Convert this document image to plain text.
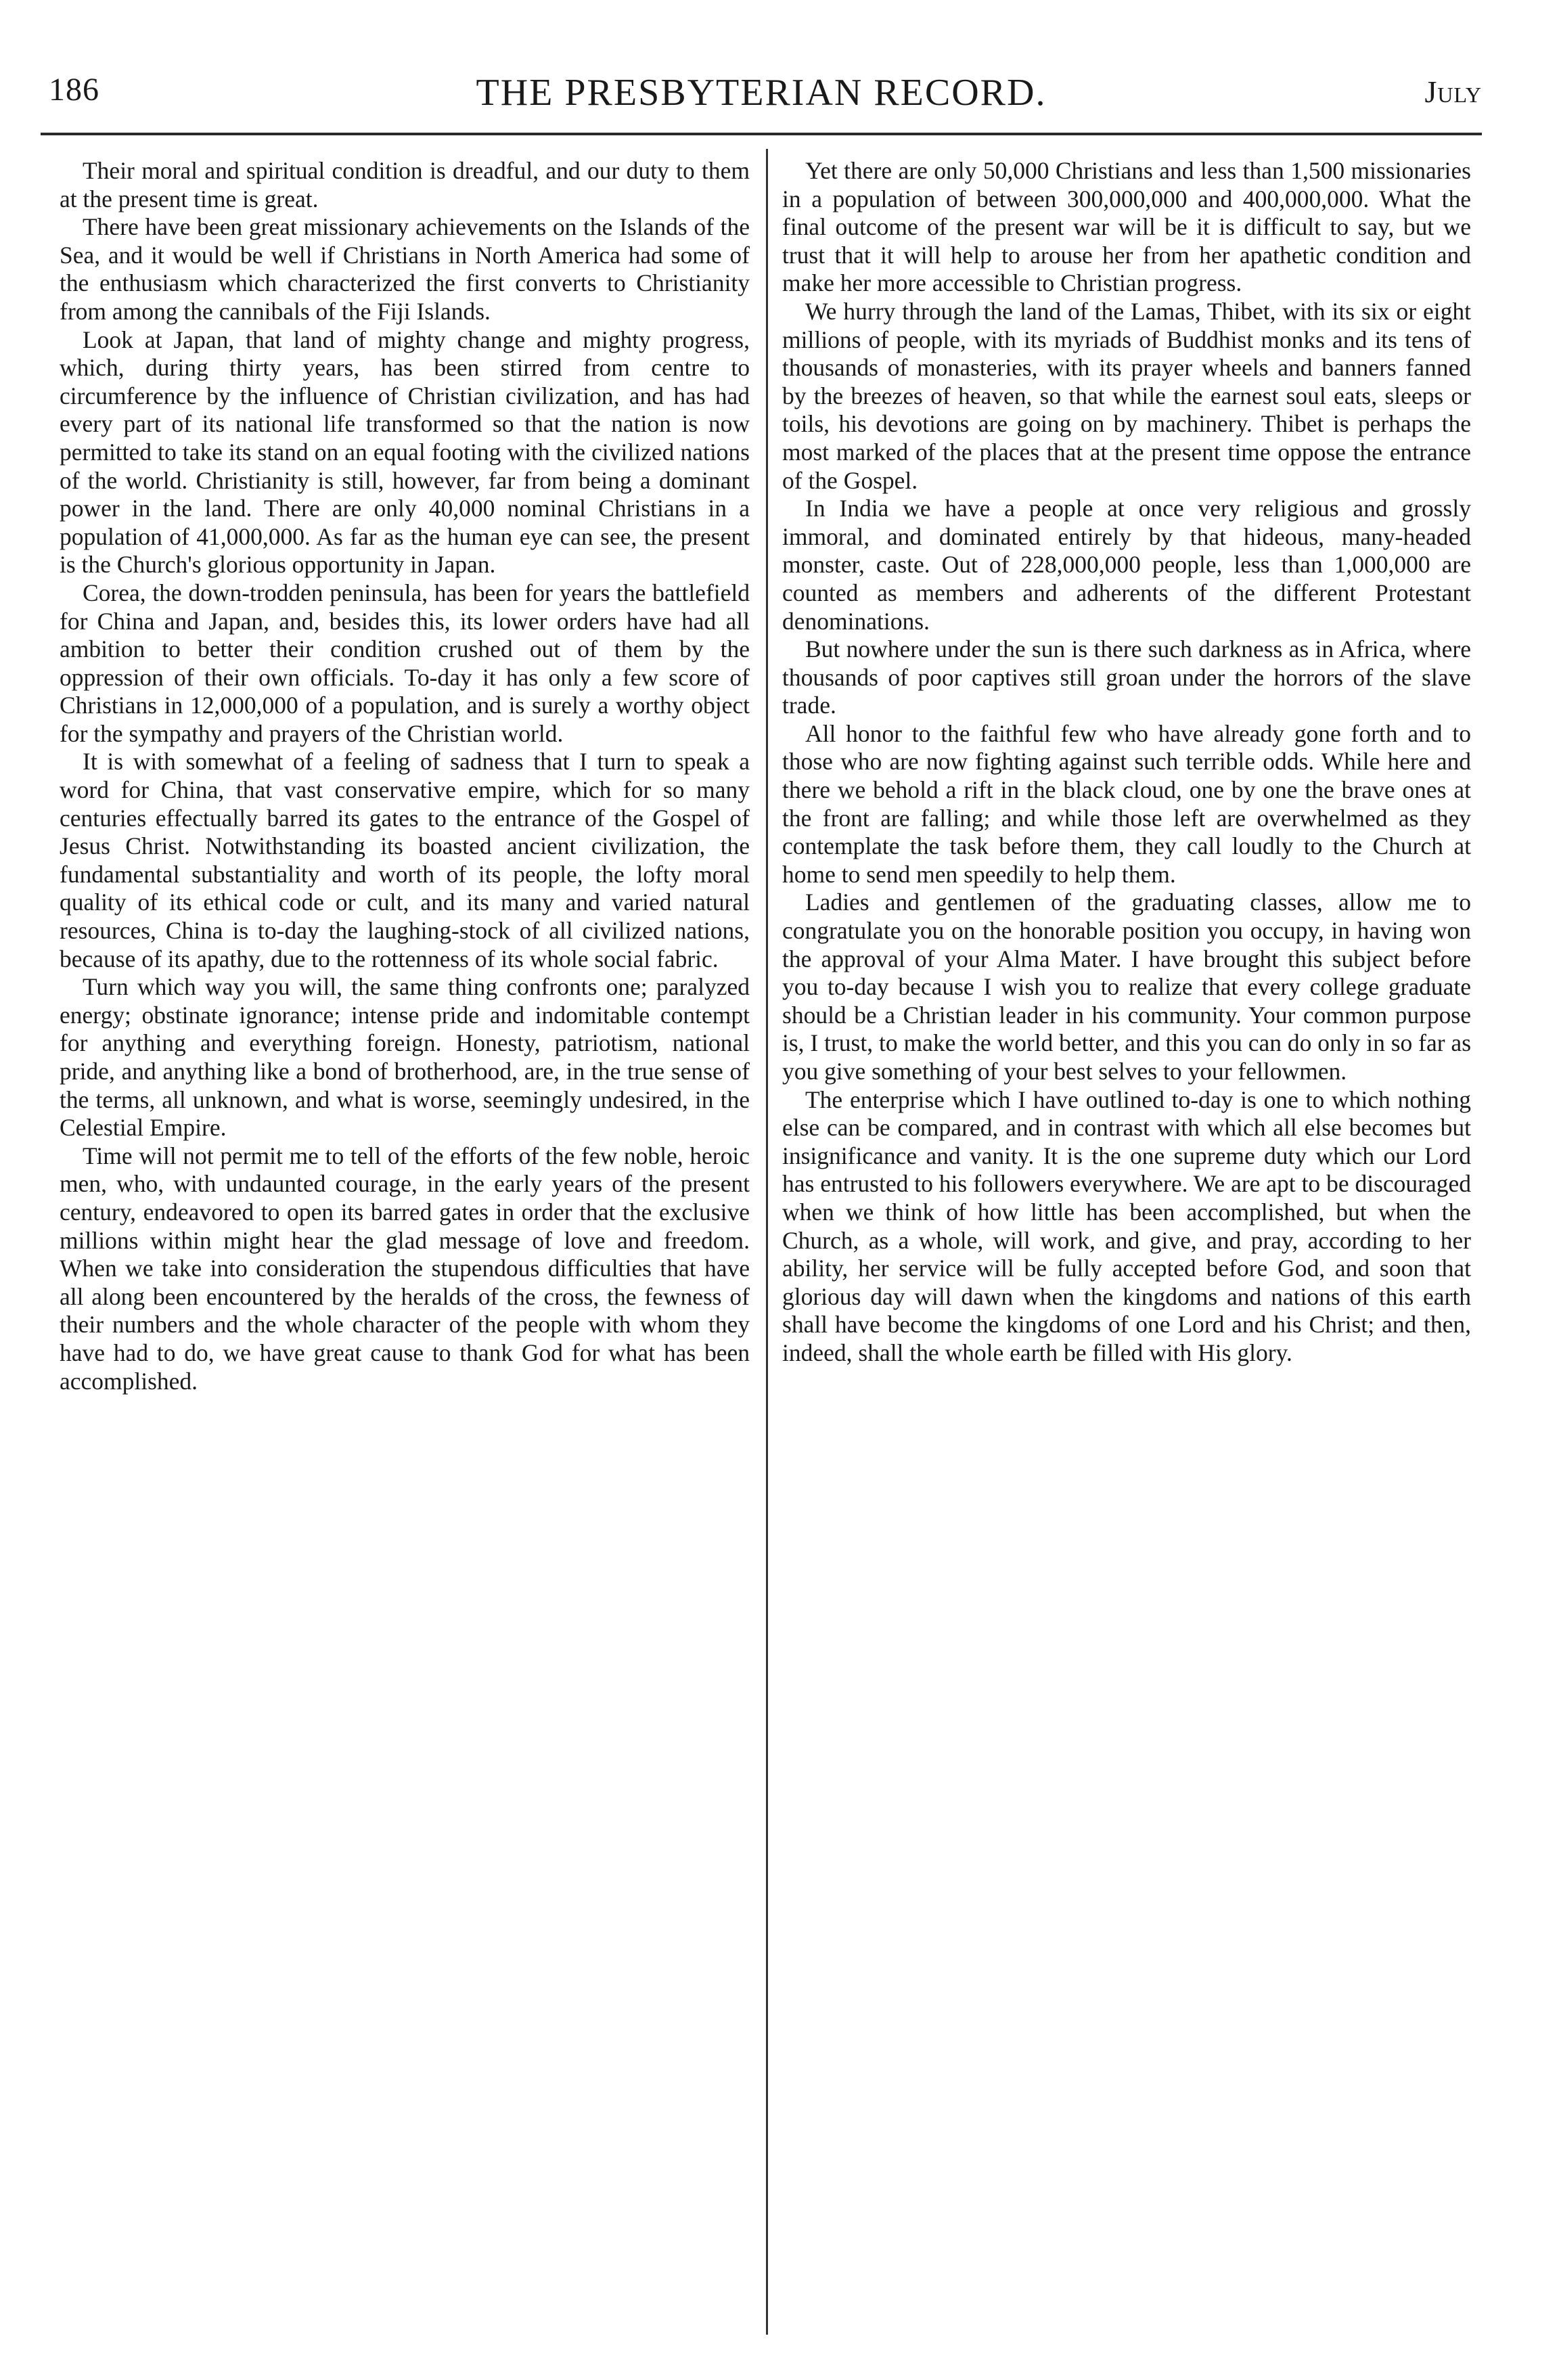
186	THE PRESBYTERIAN RECORD.	July

Their moral and spiritual condition is dreadful, and our duty to them at the present time is great.

There have been great missionary achievements on the Islands of the Sea, and it would be well if Christians in North America had some of the enthusiasm which characterized the first converts to Christianity from among the cannibals of the Fiji Islands.

Look at Japan, that land of mighty change and mighty progress, which, during thirty years, has been stirred from centre to circumference by the influence of Christian civilization, and has had every part of its national life transformed so that the nation is now permitted to take its stand on an equal footing with the civilized nations of the world. Christianity is still, however, far from being a dominant power in the land. There are only 40,000 nominal Christians in a population of 41,000,000. As far as the human eye can see, the present is the Church's glorious opportunity in Japan.

Corea, the down-trodden peninsula, has been for years the battlefield for China and Japan, and, besides this, its lower orders have had all ambition to better their condition crushed out of them by the oppression of their own officials. To-day it has only a few score of Christians in 12,000,000 of a population, and is surely a worthy object for the sympathy and prayers of the Christian world.

It is with somewhat of a feeling of sadness that I turn to speak a word for China, that vast conservative empire, which for so many centuries effectually barred its gates to the entrance of the Gospel of Jesus Christ. Notwithstanding its boasted ancient civilization, the fundamental substantiality and worth of its people, the lofty moral quality of its ethical code or cult, and its many and varied natural resources, China is to-day the laughing-stock of all civilized nations, because of its apathy, due to the rottenness of its whole social fabric.

Turn which way you will, the same thing confronts one; paralyzed energy; obstinate ignorance; intense pride and indomitable contempt for anything and everything foreign. Honesty, patriotism, national pride, and anything like a bond of brotherhood, are, in the true sense of the terms, all unknown, and what is worse, seemingly undesired, in the Celestial Empire.

Time will not permit me to tell of the efforts of the few noble, heroic men, who, with undaunted courage, in the early years of the present century, endeavored to open its barred gates in order that the exclusive millions within might hear the glad message of love and freedom. When we take into consideration the stupendous difficulties that have all along been encountered by the heralds of the cross, the fewness of their numbers and the whole character of the people with whom they have had to do, we have great cause to thank God for what has been accomplished.

Yet there are only 50,000 Christians and less than 1,500 missionaries in a population of between 300,000,000 and 400,000,000. What the final outcome of the present war will be it is difficult to say, but we trust that it will help to arouse her from her apathetic condition and make her more accessible to Christian progress.

We hurry through the land of the Lamas, Thibet, with its six or eight millions of people, with its myriads of Buddhist monks and its tens of thousands of monasteries, with its prayer wheels and banners fanned by the breezes of heaven, so that while the earnest soul eats, sleeps or toils, his devotions are going on by machinery. Thibet is perhaps the most marked of the places that at the present time oppose the entrance of the Gospel.

In India we have a people at once very religious and grossly immoral, and dominated entirely by that hideous, many-headed monster, caste. Out of 228,000,000 people, less than 1,000,000 are counted as members and adherents of the different Protestant denominations.

But nowhere under the sun is there such darkness as in Africa, where thousands of poor captives still groan under the horrors of the slave trade.

All honor to the faithful few who have already gone forth and to those who are now fighting against such terrible odds. While here and there we behold a rift in the black cloud, one by one the brave ones at the front are falling; and while those left are overwhelmed as they contemplate the task before them, they call loudly to the Church at home to send men speedily to help them.

Ladies and gentlemen of the graduating classes, allow me to congratulate you on the honorable position you occupy, in having won the approval of your Alma Mater. I have brought this subject before you to-day because I wish you to realize that every college graduate should be a Christian leader in his community. Your common purpose is, I trust, to make the world better, and this you can do only in so far as you give something of your best selves to your fellowmen.

The enterprise which I have outlined to-day is one to which nothing else can be compared, and in contrast with which all else becomes but insignificance and vanity. It is the one supreme duty which our Lord has entrusted to his followers everywhere. We are apt to be discouraged when we think of how little has been accomplished, but when the Church, as a whole, will work, and give, and pray, according to her ability, her service will be fully accepted before God, and soon that glorious day will dawn when the kingdoms and nations of this earth shall have become the kingdoms of one Lord and his Christ; and then, indeed, shall the whole earth be filled with His glory.
